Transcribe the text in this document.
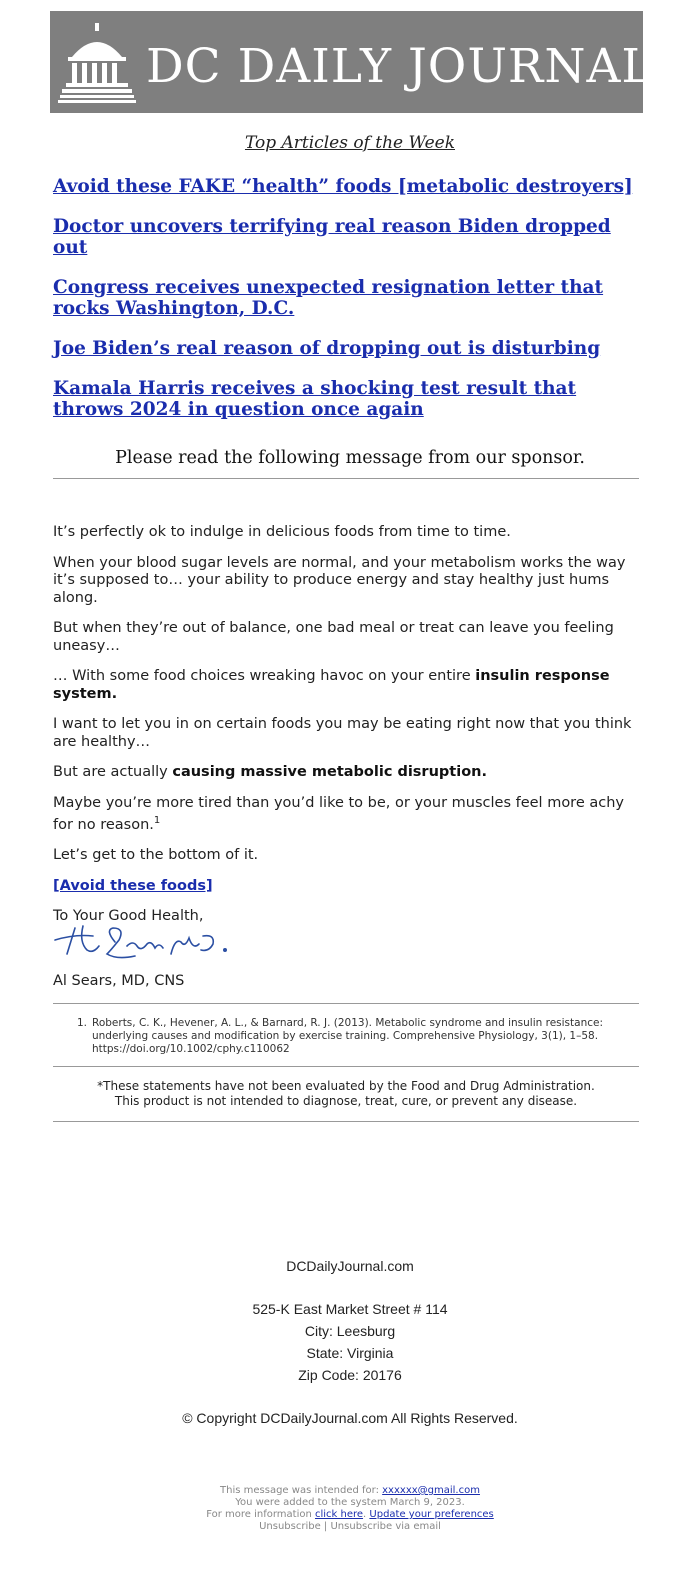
DC DAILY JOURNAL
Top Articles of the Week
Avoid these FAKE “health” foods [metabolic destroyers]
Doctor uncovers terrifying real reason Biden dropped out
Congress receives unexpected resignation letter that rocks Washington, D.C.
Joe Biden’s real reason of dropping out is disturbing
Kamala Harris receives a shocking test result that throws 2024 in question once again
Please read the following message from our sponsor.

It’s perfectly ok to indulge in delicious foods from time to time.

When your blood sugar levels are normal, and your metabolism works the way it’s supposed to… your ability to produce energy and stay healthy just hums along.

But when they’re out of balance, one bad meal or treat can leave you feeling uneasy…

… With some food choices wreaking havoc on your entire insulin response system.

I want to let you in on certain foods you may be eating right now that you think are healthy…

But are actually causing massive metabolic disruption.

Maybe you’re more tired than you’d like to be, or your muscles feel more achy for no reason.$^1$

Let’s get to the bottom of it.

[Avoid these foods]

To Your Good Health,

Al Sears, MD, CNS
1. Roberts, C. K., Hevener, A. L., & Barnard, R. J. (2013). Metabolic syndrome and insulin resistance: underlying causes and modification by exercise training. Comprehensive Physiology, 3(1), 1–58. https://doi.org/10.1002/cphy.c110062
*These statements have not been evaluated by the Food and Drug Administration.
This product is not intended to diagnose, treat, cure, or prevent any disease.
DCDailyJournal.com
525-K East Market Street # 114
City: Leesburg
State: Virginia
Zip Code: 20176
© Copyright DCDailyJournal.com All Rights Reserved.
This message was intended for: xxxxxx@gmail.com
You were added to the system March 9, 2023.
For more information click here. Update your preferences
Unsubscribe | Unsubscribe via email
